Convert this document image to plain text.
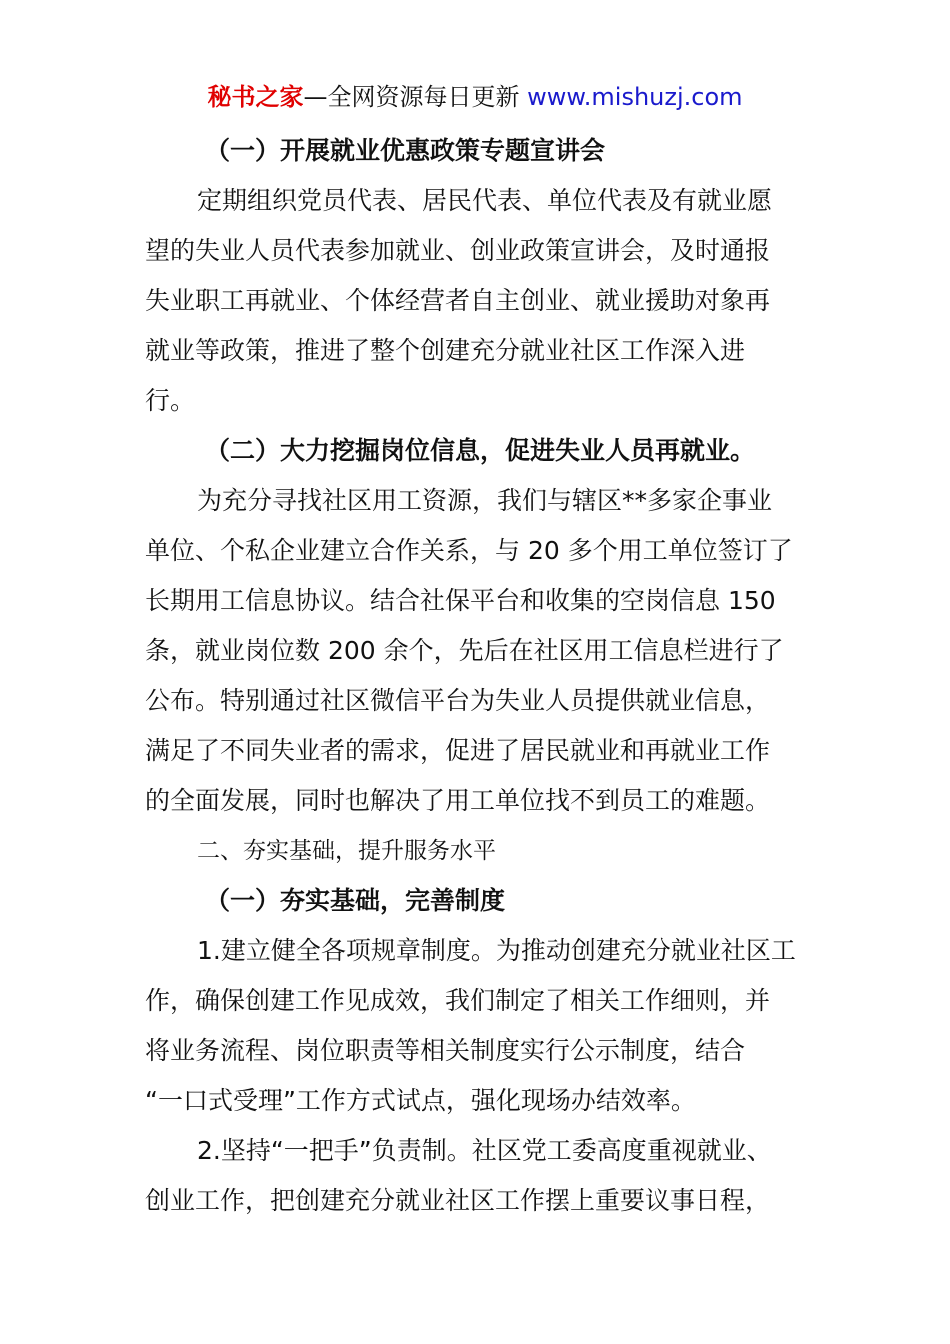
秘书之家—全网资源每日更新 www.mishuzj.com
（一）开展就业优惠政策专题宣讲会
定期组织党员代表、居民代表、单位代表及有就业愿
望的失业人员代表参加就业、创业政策宣讲会，及时通报
失业职工再就业、个体经营者自主创业、就业援助对象再
就业等政策，推进了整个创建充分就业社区工作深入进
行。
（二）大力挖掘岗位信息，促进失业人员再就业。
为充分寻找社区用工资源，我们与辖区**多家企事业
单位、个私企业建立合作关系，与 20 多个用工单位签订了
长期用工信息协议。结合社保平台和收集的空岗信息 150
条，就业岗位数 200 余个，先后在社区用工信息栏进行了
公布。特别通过社区微信平台为失业人员提供就业信息，
满足了不同失业者的需求，促进了居民就业和再就业工作
的全面发展，同时也解决了用工单位找不到员工的难题。
二、夯实基础，提升服务水平
（一）夯实基础，完善制度
1.建立健全各项规章制度。为推动创建充分就业社区工
作，确保创建工作见成效，我们制定了相关工作细则，并
将业务流程、岗位职责等相关制度实行公示制度，结合
“一口式受理”工作方式试点，强化现场办结效率。
2.坚持“一把手”负责制。社区党工委高度重视就业、
创业工作，把创建充分就业社区工作摆上重要议事日程，
